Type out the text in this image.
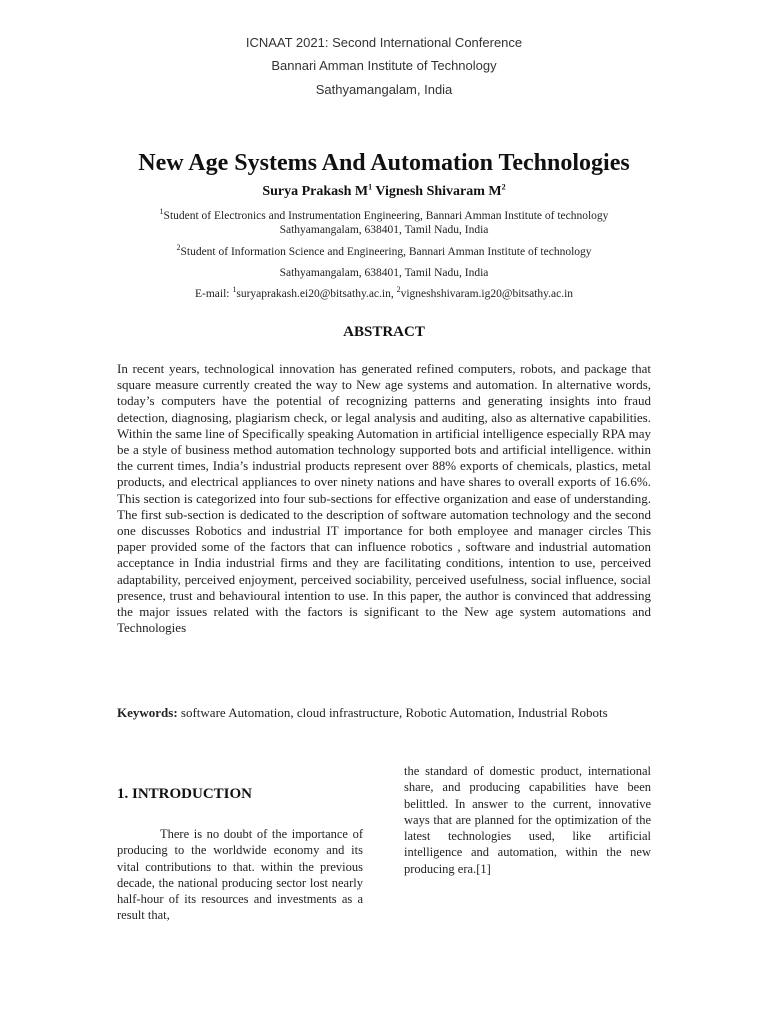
ICNAAT 2021: Second International Conference
Bannari Amman Institute of Technology
Sathyamangalam, India
New Age Systems And Automation Technologies
Surya Prakash $M^1$ Vignesh Shivaram $M^2$
$^1$Student of Electronics and Instrumentation Engineering, Bannari Amman Institute of technology
Sathyamangalam, 638401, Tamil Nadu, India
$^2$Student of Information Science and Engineering, Bannari Amman Institute of technology
Sathyamangalam, 638401, Tamil Nadu, India
E-mail: $^1$suryaprakash.ei20@bitsathy.ac.in, $^2$vigneshshivaram.ig20@bitsathy.ac.in
ABSTRACT

In recent years, technological innovation has generated refined computers, robots, and package that square measure currently created the way to New age systems and automation. In alternative words, today’s computers have the potential of recognizing patterns and generating insights into fraud detection, diagnosing, plagiarism check, or legal analysis and auditing, also as alternative capabilities. Within the same line of Specifically speaking Automation in artificial intelligence especially RPA may be a style of business method automation technology supported bots and artificial intelligence. within the current times, India’s industrial products represent over 88% exports of chemicals, plastics, metal products, and electrical appliances to over ninety nations and have shares to overall exports of 16.6%. This section is categorized into four sub-sections for effective organization and ease of understanding. The first sub-section is dedicated to the description of software automation technology and the second one discusses Robotics and industrial IT importance for both employee and manager circles This paper provided some of the factors that can influence robotics , software and industrial automation acceptance in India industrial firms and they are facilitating conditions, intention to use, perceived adaptability, perceived enjoyment, perceived sociability, perceived usefulness, social influence, social presence, trust and behavioural intention to use. In this paper, the author is convinced that addressing the major issues related with the factors is significant to the New age system automations and Technologies

Keywords: software Automation, cloud infrastructure, Robotic Automation, Industrial Robots

1. INTRODUCTION

There is no doubt of the importance of producing to the worldwide economy and its vital contributions to that. within the previous decade, the national producing sector lost nearly half-hour of its resources and investments as a result that,

the standard of domestic product, international share, and producing capabilities have been belittled. In answer to the current, innovative ways that are planned for the optimization of the latest technologies used, like artificial intelligence and automation, within the new producing era.[1]
